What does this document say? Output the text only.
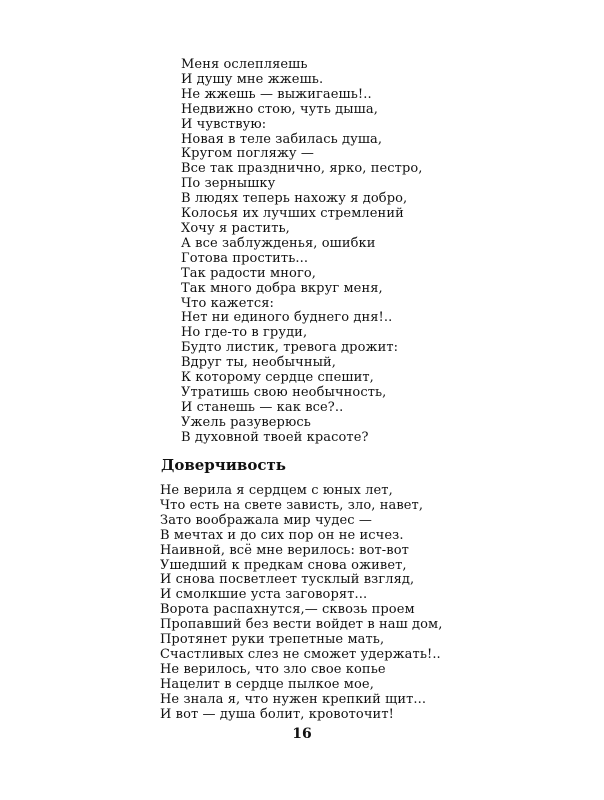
Меня ослепляешь
И душу мне жжешь.
Не жжешь — выжигаешь!..
Недвижно стою, чуть дыша,
И чувствую:
Новая в теле забилась душа,
Кругом погляжу —
Все так празднично, ярко, пестро,
По зернышку
В людях теперь нахожу я добро,
Колосья их лучших стремлений
Хочу я растить,
А все заблужденья, ошибки
Готова простить...
Так радости много,
Так много добра вкруг меня,
Что кажется:
Нет ни единого буднего дня!..
Но где-то в груди,
Будто листик, тревога дрожит:
Вдруг ты, необычный,
К которому сердце спешит,
Утратишь свою необычность,
И станешь — как все?..
Ужель разуверюсь
В духовной твоей красоте?
Доверчивость
Не верила я сердцем с юных лет,
Что есть на свете зависть, зло, навет,
Зато воображала мир чудес —
В мечтах и до сих пор он не исчез.
Наивной, всё мне верилось: вот-вот
Ушедший к предкам снова оживет,
И снова посветлеет тусклый взгляд,
И смолкшие уста заговорят...
Ворота распахнутся,— сквозь проем
Пропавший без вести войдет в наш дом,
Протянет руки трепетные мать,
Счастливых слез не сможет удержать!..
Не верилось, что зло свое копье
Нацелит в сердце пылкое мое,
Не знала я, что нужен крепкий щит...
И вот — душа болит, кровоточит!
16
